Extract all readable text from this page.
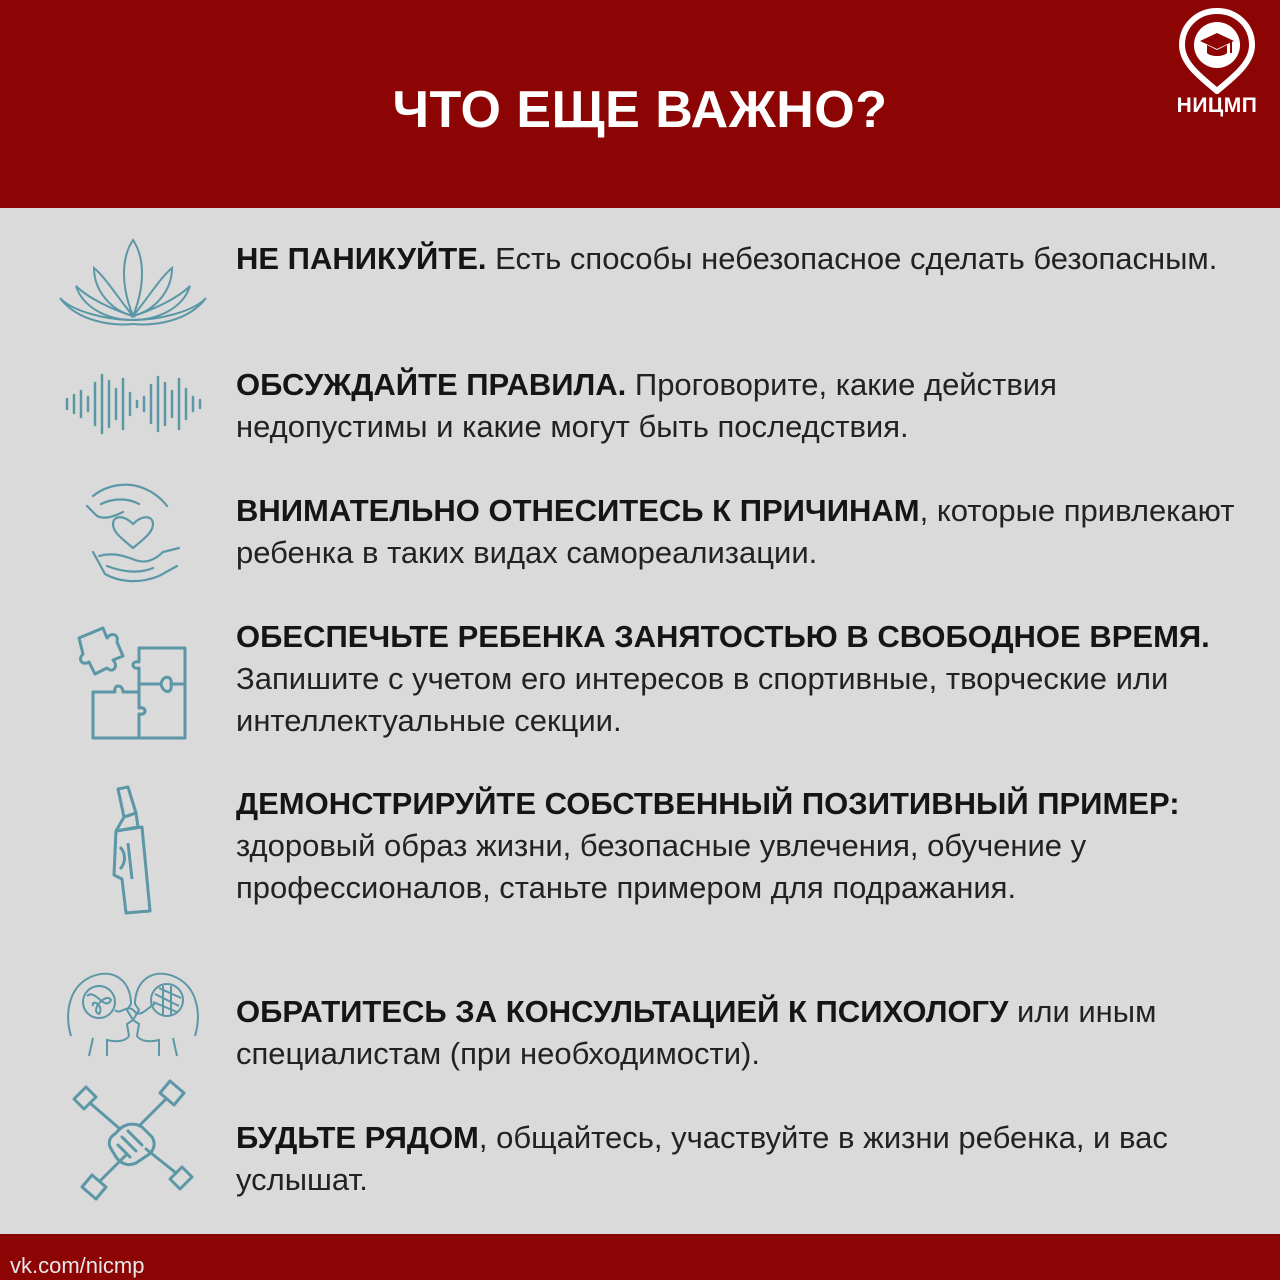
ЧТО ЕЩЕ ВАЖНО?	НИЦМП
НЕ ПАНИКУЙТЕ. Есть способы небезопасное сделать безопасным.
ОБСУЖДАЙТЕ ПРАВИЛА. Проговорите, какие действия недопустимы и какие могут быть последствия.
ВНИМАТЕЛЬНО ОТНЕСИТЕСЬ К ПРИЧИНАМ, которые привлекают ребенка в таких видах самореализации.
ОБЕСПЕЧЬТЕ РЕБЕНКА ЗАНЯТОСТЬЮ В СВОБОДНОЕ ВРЕМЯ. Запишите с учетом его интересов в спортивные, творческие или интеллектуальные секции.
ДЕМОНСТРИРУЙТЕ СОБСТВЕННЫЙ ПОЗИТИВНЫЙ ПРИМЕР: здоровый образ жизни, безопасные увлечения, обучение у профессионалов, станьте примером для подражания.
ОБРАТИТЕСЬ ЗА КОНСУЛЬТАЦИЕЙ К ПСИХОЛОГУ или иным специалистам (при необходимости).
БУДЬТЕ РЯДОМ, общайтесь, участвуйте в жизни ребенка, и вас услышат.
vk.com/nicmp
